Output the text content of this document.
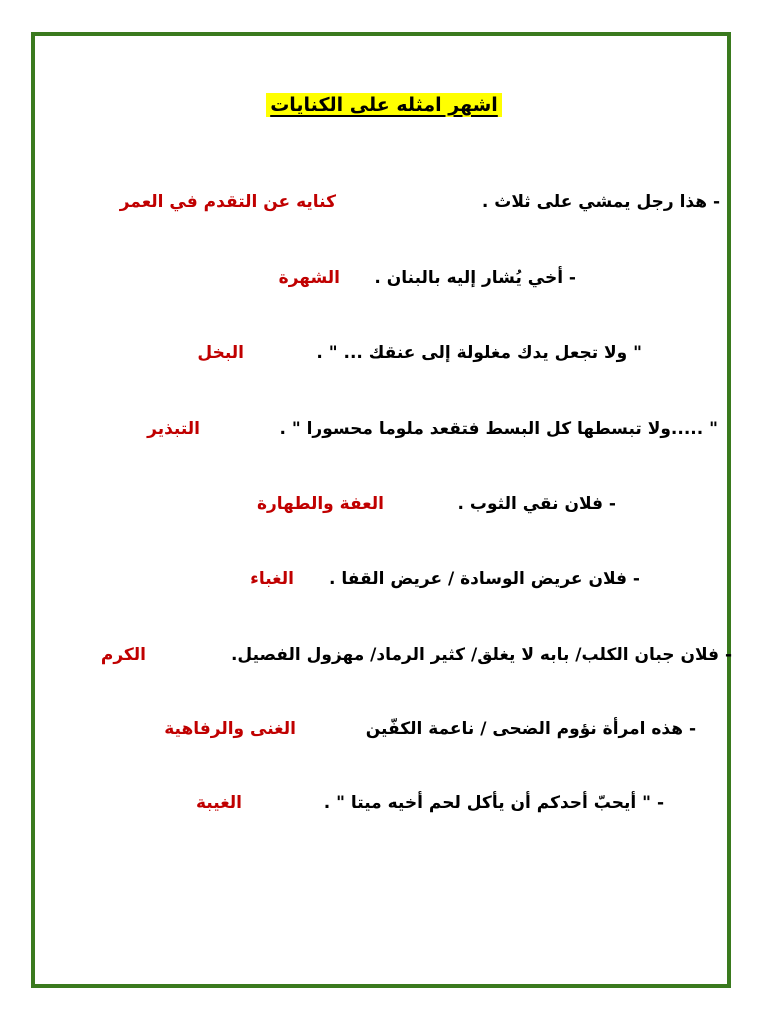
اشهر امثله على الكنايات
- هذا رجل يمشي على ثلاث .
كنايه عن التقدم في العمر
- أخي يُشار إليه بالبنان .
الشهرة
" ولا تجعل يدك مغلولة إلى عنقك ... " .
البخل
" .....ولا تبسطها كل البسط فتقعد ملوما محسورا " .
التبذير
- فلان نقي الثوب .
العفة والطهارة
- فلان عريض الوسادة / عريض القفا .
الغباء
- فلان جبان الكلب/ بابه لا يغلق/ كثير الرماد/ مهزول الفصيل.
الكرم
- هذه امرأة نؤوم الضحى / ناعمة الكفّين
الغنى والرفاهية
- " أيحبّ أحدكم أن يأكل لحم أخيه ميتا " .
الغيبة
